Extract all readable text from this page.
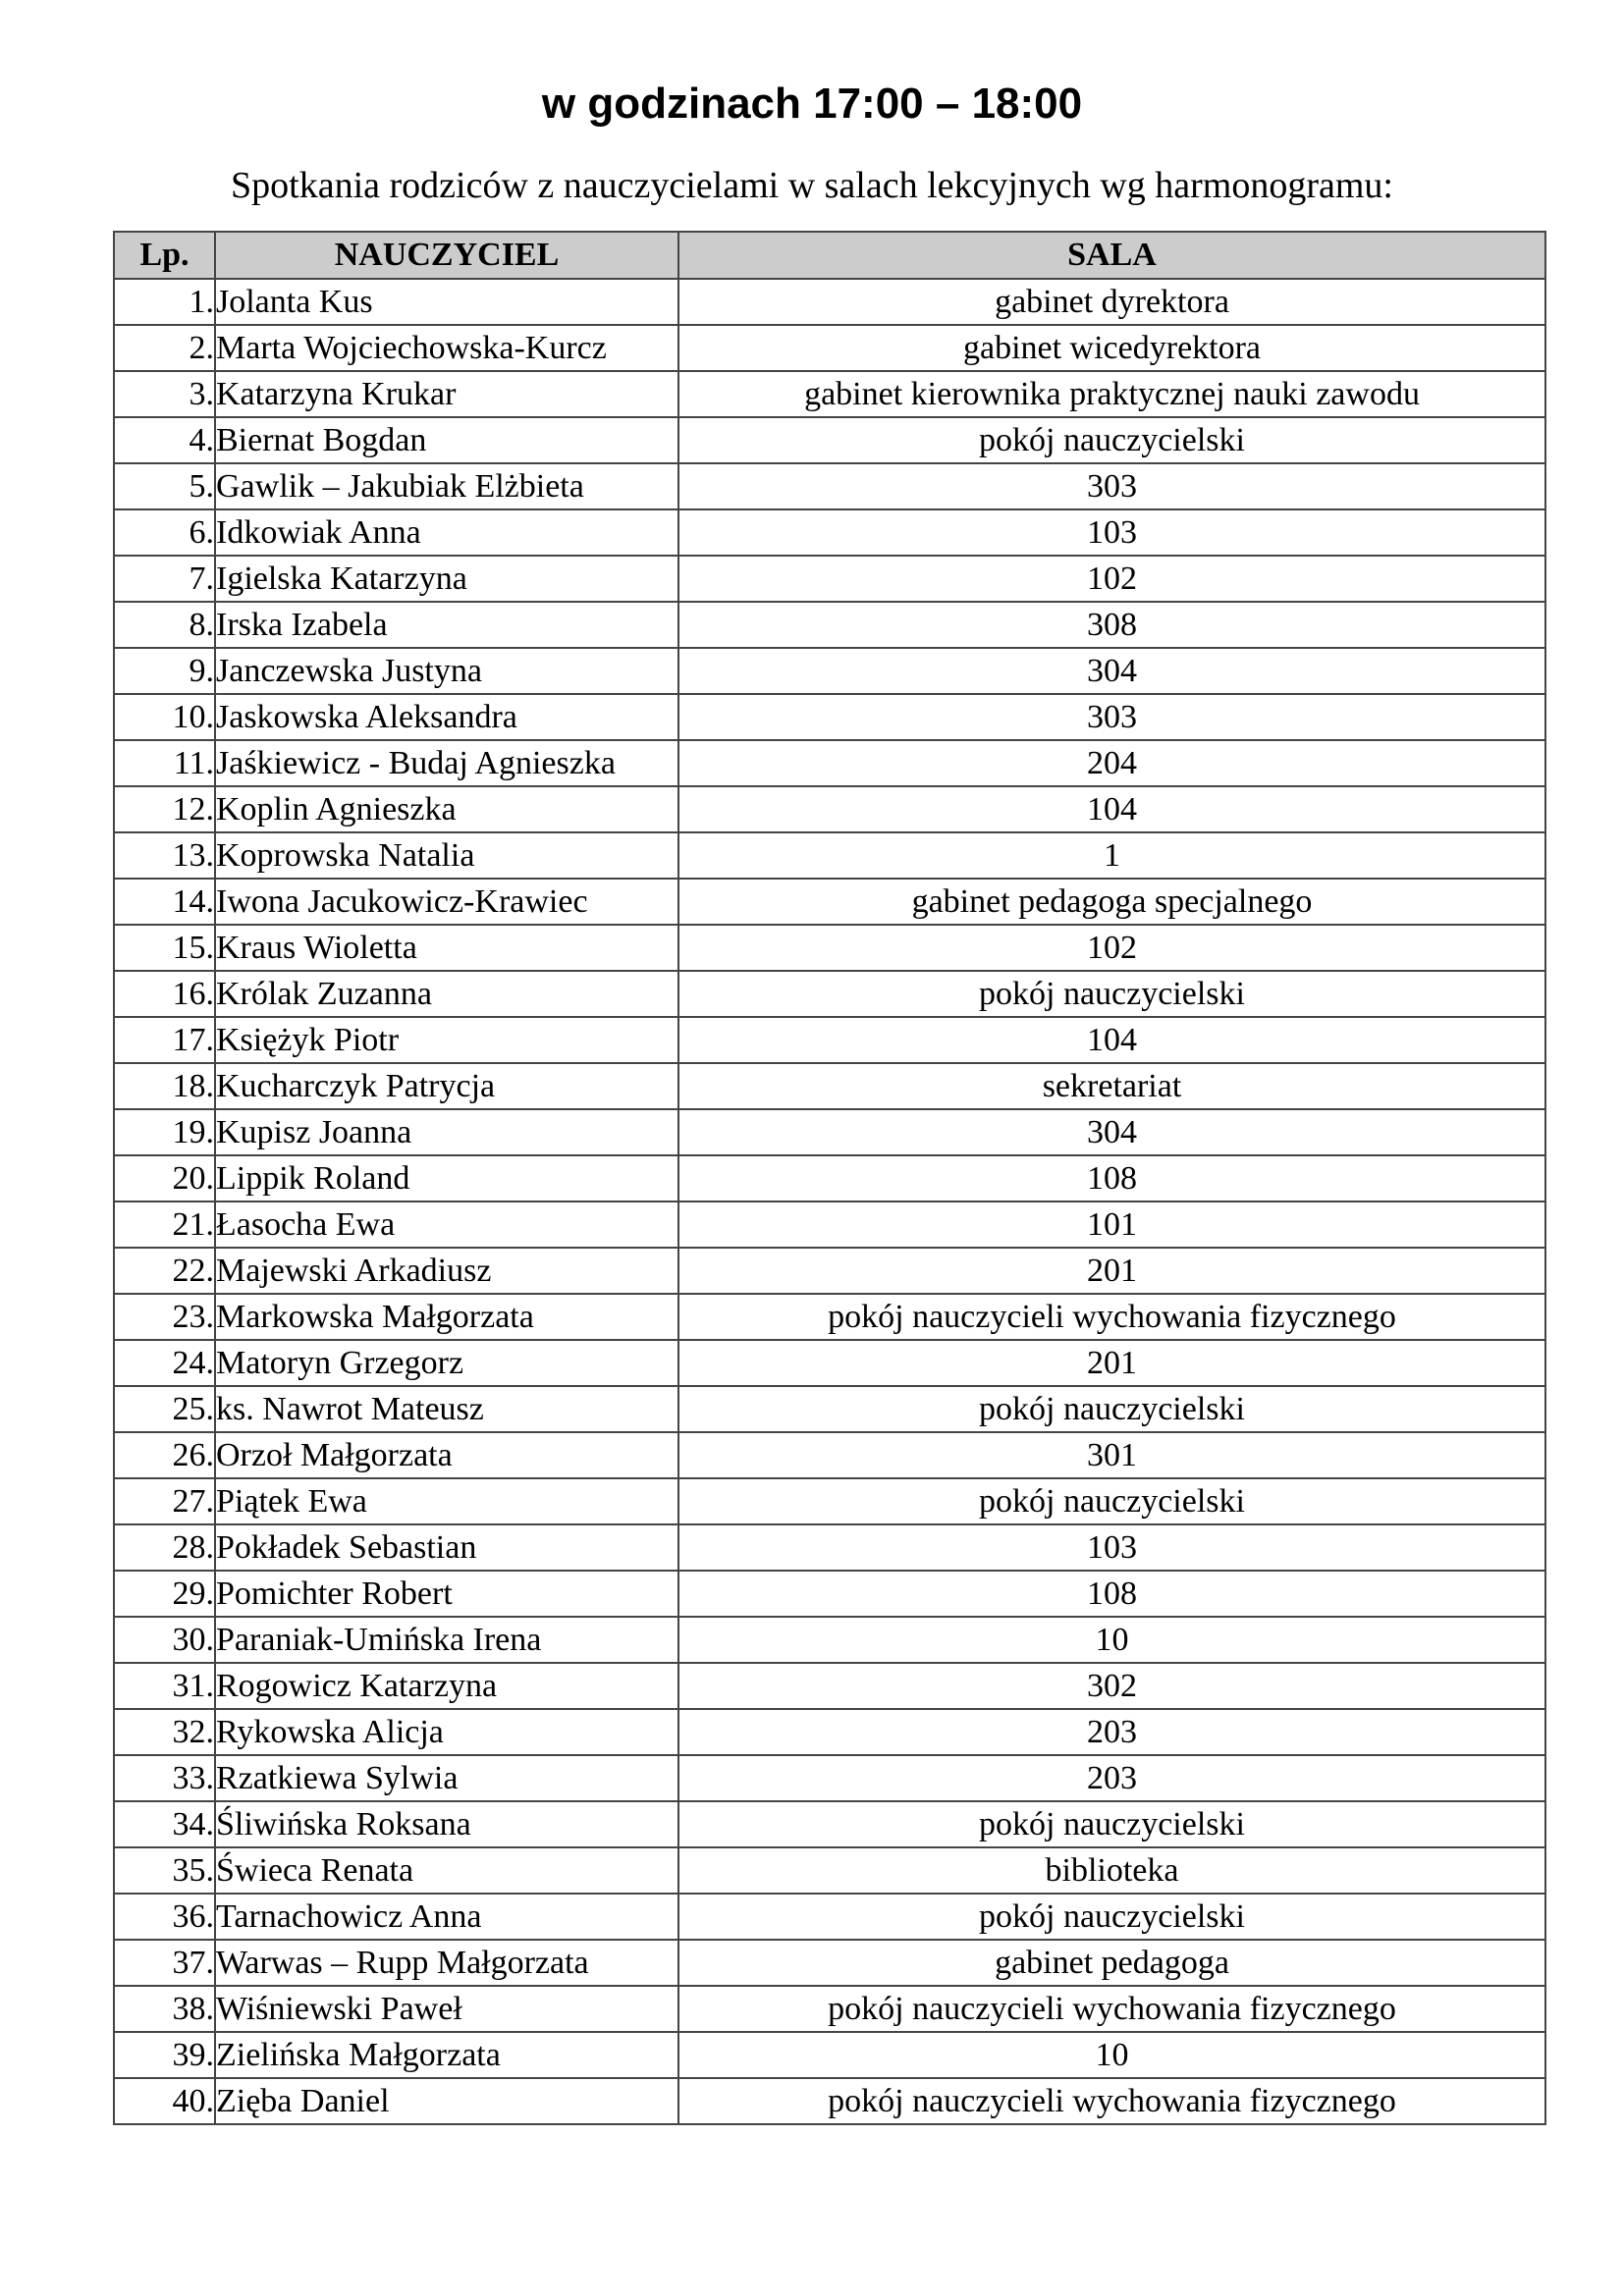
w godzinach 17:00 – 18:00
Spotkania rodziców z nauczycielami w salach lekcyjnych wg harmonogramu:
Lp.	NAUCZYCIEL	SALA
1.	Jolanta Kus	gabinet dyrektora
2.	Marta Wojciechowska-Kurcz	gabinet wicedyrektora
3.	Katarzyna Krukar	gabinet kierownika praktycznej nauki zawodu
4.	Biernat Bogdan	pokój nauczycielski
5.	Gawlik – Jakubiak Elżbieta	303
6.	Idkowiak Anna	103
7.	Igielska Katarzyna	102
8.	Irska Izabela	308
9.	Janczewska Justyna	304
10.	Jaskowska Aleksandra	303
11.	Jaśkiewicz - Budaj Agnieszka	204
12.	Koplin Agnieszka	104
13.	Koprowska Natalia	1
14.	Iwona Jacukowicz-Krawiec	gabinet pedagoga specjalnego
15.	Kraus Wioletta	102
16.	Królak Zuzanna	pokój nauczycielski
17.	Księżyk Piotr	104
18.	Kucharczyk Patrycja	sekretariat
19.	Kupisz Joanna	304
20.	Lippik Roland	108
21.	Łasocha Ewa	101
22.	Majewski Arkadiusz	201
23.	Markowska Małgorzata	pokój nauczycieli wychowania fizycznego
24.	Matoryn Grzegorz	201
25.	ks. Nawrot Mateusz	pokój nauczycielski
26.	Orzoł Małgorzata	301
27.	Piątek Ewa	pokój nauczycielski
28.	Pokładek Sebastian	103
29.	Pomichter Robert	108
30.	Paraniak-Umińska Irena	10
31.	Rogowicz Katarzyna	302
32.	Rykowska Alicja	203
33.	Rzatkiewa Sylwia	203
34.	Śliwińska Roksana	pokój nauczycielski
35.	Świeca Renata	biblioteka
36.	Tarnachowicz Anna	pokój nauczycielski
37.	Warwas – Rupp Małgorzata	gabinet pedagoga
38.	Wiśniewski Paweł	pokój nauczycieli wychowania fizycznego
39.	Zielińska Małgorzata	10
40.	Zięba Daniel	pokój nauczycieli wychowania fizycznego
